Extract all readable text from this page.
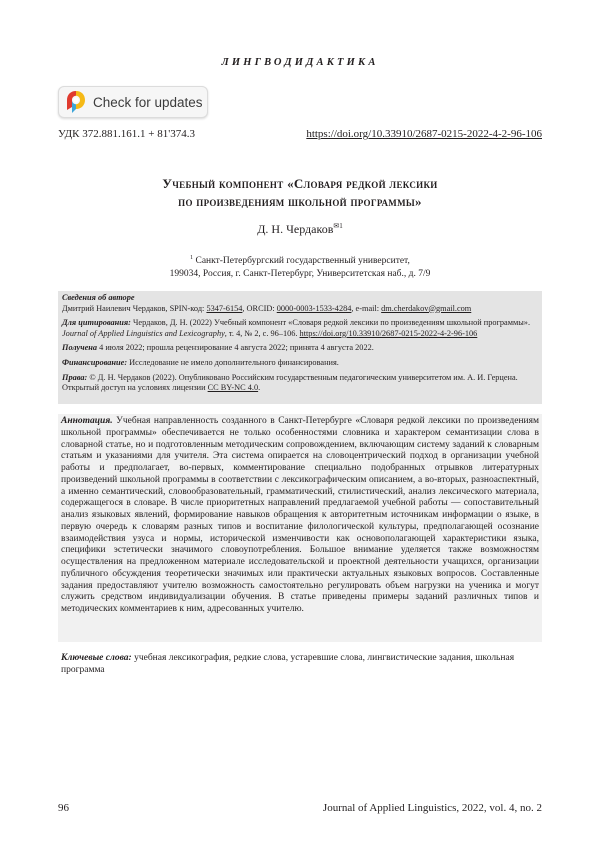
ЛИНГВОДИДАКТИКА
Check for updates
УДК 372.881.161.1 + 81'374.3	https://doi.org/10.33910/2687-0215-2022-4-2-96-106
Учебный компонент «Словаря редкой лексики
по произведениям школьной программы»
Д. Н. Чердаков$^{✉1}$
$^1$ Санкт-Петербургский государственный университет,
199034, Россия, г. Санкт-Петербург, Университетская наб., д. 7/9

Сведения об авторе

Дмитрий Наилевич Чердаков, SPIN-код: 5347-6154, ORCID: 0000-0003-1533-4284, e-mail: dm.cherdakov@gmail.com

Для цитирования: Чердаков, Д. Н. (2022) Учебный компонент «Словаря редкой лексики по произведениям школьной программы». Journal of Applied Linguistics and Lexicography, т. 4, № 2, с. 96–106. https://doi.org/10.33910/2687-0215-2022-4-2-96-106

Получена 4 июля 2022; прошла рецензирование 4 августа 2022; принята 4 августа 2022.

Финансирование: Исследование не имело дополнительного финансирования.

Права: © Д. Н. Чердаков (2022). Опубликовано Российским государственным педагогическим университетом им. А. И. Герцена. Открытый доступ на условиях лицензии CC BY-NC 4.0.

Аннотация. Учебная направленность созданного в Санкт-Петербурге «Словаря редкой лексики по произведениям школьной программы» обеспечивается не только особенностями словника и характером семантизации слова в словарной статье, но и подготовленным методическим сопровождением, включающим систему заданий к словарным статьям и указаниями для учителя. Эта система опирается на словоцентрический подход в организации учебной работы и предполагает, во-первых, комментирование специально подобранных отрывков литературных произведений школьной программы в соответствии с лексикографическим описанием, а во-вторых, разноаспектный, а именно семантический, словообразовательный, грамматический, стилистический, анализ лексического материала, содержащегося в словаре. В числе приоритетных направлений предлагаемой учебной работы — сопоставительный анализ языковых явлений, формирование навыков обращения к авторитетным источникам информации о языке, в первую очередь к словарям разных типов и воспитание филологической культуры, предполагающей осознание взаимодействия узуса и нормы, исторической изменчивости как основополагающей характеристики языка, специфики эстетически значимого словоупотребления. Большое внимание уделяется также возможностям осуществления на предложенном материале исследовательской и проектной деятельности учащихся, организации публичного обсуждения теоретически значимых или практически актуальных языковых вопросов. Составленные задания предоставляют учителю возможность самостоятельно регулировать объем нагрузки на ученика и могут служить средством индивидуализации обучения. В статье приведены примеры заданий различных типов и методических комментариев к ним, адресованных учителю.
Ключевые слова: учебная лексикография, редкие слова, устаревшие слова, лингвистические задания, школьная программа
96	Journal of Applied Linguistics, 2022, vol. 4, no. 2
